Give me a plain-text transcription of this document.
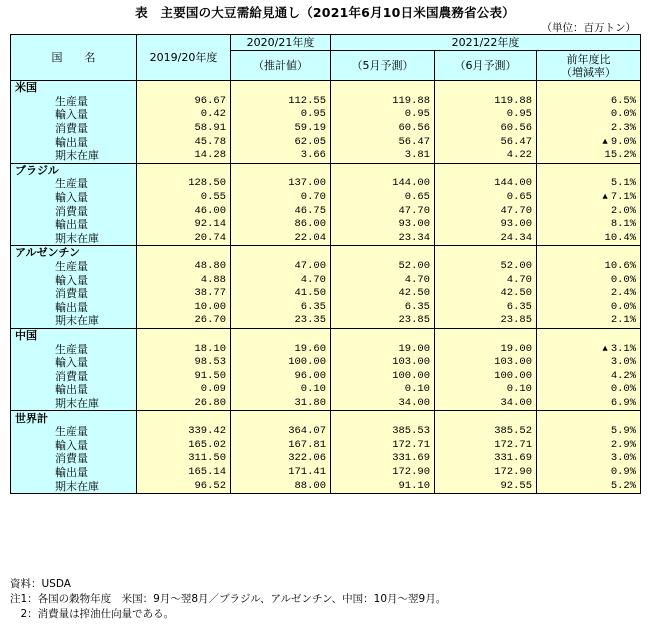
表　主要国の大豆需給見通し（2021年6月10日米国農務省公表）
（単位：百万トン）
国　　名	2019/20年度	2020/21年度	2021/22年度		
		（推計値）	（5月予測）	（6月予測）	前年度比
（増減率）
米国					
生産量	96.67	112.55	119.88	119.88	6.5%
輸入量	0.42	0.95	0.95	0.95	0.0%
消費量	58.91	59.19	60.56	60.56	2.3%
輸出量	45.78	62.05	56.47	56.47	▲ 9.0%
期末在庫	14.28	3.66	3.81	4.22	15.2%
ブラジル					
生産量	128.50	137.00	144.00	144.00	5.1%
輸入量	0.55	0.70	0.65	0.65	▲ 7.1%
消費量	46.00	46.75	47.70	47.70	2.0%
輸出量	92.14	86.00	93.00	93.00	8.1%
期末在庫	20.74	22.04	23.34	24.34	10.4%
アルゼンチン					
生産量	48.80	47.00	52.00	52.00	10.6%
輸入量	4.88	4.70	4.70	4.70	0.0%
消費量	38.77	41.50	42.50	42.50	2.4%
輸出量	10.00	6.35	6.35	6.35	0.0%
期末在庫	26.70	23.35	23.85	23.85	2.1%
中国					
生産量	18.10	19.60	19.00	19.00	▲ 3.1%
輸入量	98.53	100.00	103.00	103.00	3.0%
消費量	91.50	96.00	100.00	100.00	4.2%
輸出量	0.09	0.10	0.10	0.10	0.0%
期末在庫	26.80	31.80	34.00	34.00	6.9%
世界計					
生産量	339.42	364.07	385.53	385.52	5.9%
輸入量	165.02	167.81	172.71	172.71	2.9%
消費量	311.50	322.06	331.69	331.69	3.0%
輸出量	165.14	171.41	172.90	172.90	0.9%
期末在庫	96.52	88.00	91.10	92.55	5.2%
資料：USDA
注1：各国の穀物年度　米国：9月～翌8月／ブラジル、アルゼンチン、中国：10月～翌9月。
　2：消費量は搾油仕向量である。
